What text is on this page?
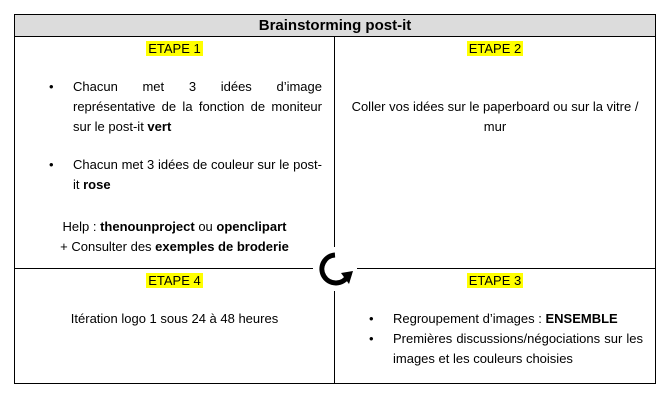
Brainstorming post-it
ETAPE 1
• Chacun met 3 idées d’image représentative de la fonction de moniteur sur le post-it vert
• Chacun met 3 idées de couleur sur le post-it rose
Help : thenounproject ou openclipart
+ Consulter des exemples de broderie
ETAPE 2
Coller vos idées sur le paperboard ou sur la vitre / mur
ETAPE 4
Itération logo 1 sous 24 à 48 heures
ETAPE 3
• Regroupement d’images : ENSEMBLE
• Premières discussions/négociations sur les images et les couleurs choisies
